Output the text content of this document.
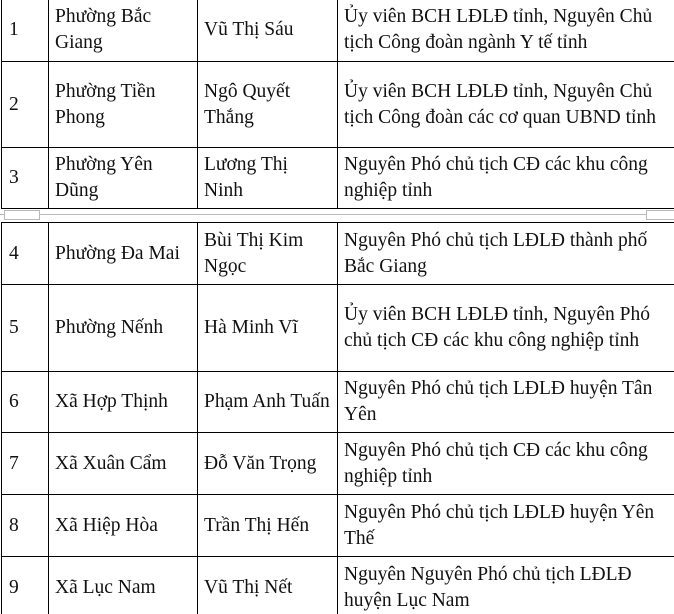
1	Phường Bắc Giang	Vũ Thị Sáu	Ủy viên BCH LĐLĐ tỉnh, Nguyên Chủ tịch Công đoàn ngành Y tế tỉnh

2	Phường Tiền Phong	Ngô Quyết Thắng	Ủy viên BCH LĐLĐ tỉnh, Nguyên Chủ tịch Công đoàn các cơ quan UBND tỉnh

3	Phường Yên Dũng	Lương Thị Ninh	Nguyên Phó chủ tịch CĐ các khu công nghiệp tỉnh
4	Phường Đa Mai	Bùi Thị Kim Ngọc	Nguyên Phó chủ tịch LĐLĐ thành phố Bắc Giang

5	Phường Nếnh	Hà Minh Vĩ	Ủy viên BCH LĐLĐ tỉnh, Nguyên Phó chủ tịch CĐ các khu công nghiệp tỉnh

6	Xã Hợp Thịnh	Phạm Anh Tuấn	Nguyên Phó chủ tịch LĐLĐ huyện Tân Yên

7	Xã Xuân Cẩm	Đỗ Văn Trọng	Nguyên Phó chủ tịch CĐ các khu công nghiệp tỉnh

8	Xã Hiệp Hòa	Trần Thị Hến	Nguyên Phó chủ tịch LĐLĐ huyện Yên Thế

9	Xã Lục Nam	Vũ Thị Nết	Nguyên Nguyên Phó chủ tịch LĐLĐ huyện Lục Nam
